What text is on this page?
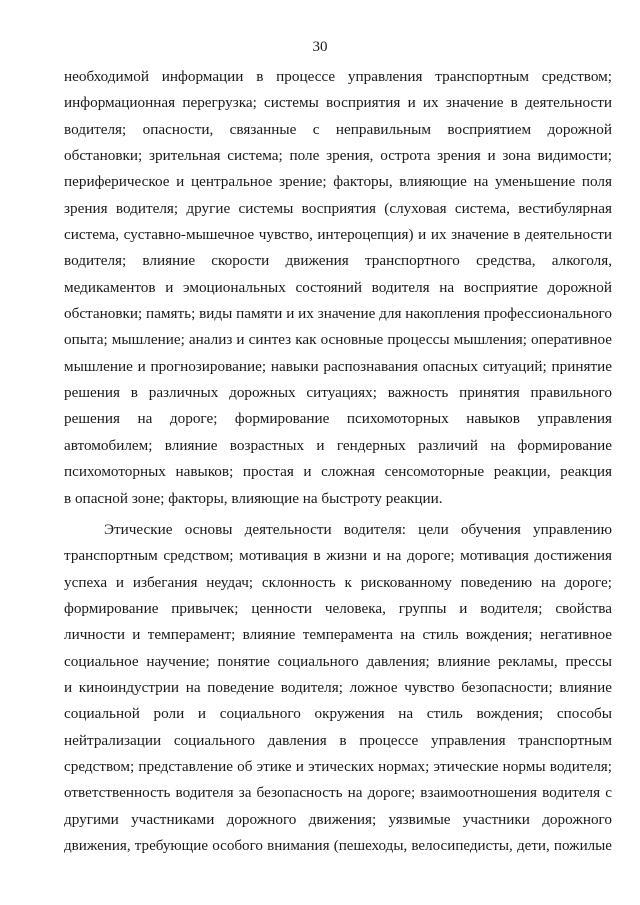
30
необходимой информации в процессе управления транспортным средством;
информационная перегрузка; системы восприятия и их значение в деятельности
водителя; опасности, связанные с неправильным восприятием дорожной
обстановки; зрительная система; поле зрения, острота зрения и зона видимости;
периферическое и центральное зрение; факторы, влияющие на уменьшение поля
зрения водителя; другие системы восприятия (слуховая система, вестибулярная
система, суставно-мышечное чувство, интероцепция) и их значение в деятельности
водителя; влияние скорости движения транспортного средства, алкоголя,
медикаментов и эмоциональных состояний водителя на восприятие дорожной
обстановки; память; виды памяти и их значение для накопления профессионального
опыта; мышление; анализ и синтез как основные процессы мышления; оперативное
мышление и прогнозирование; навыки распознавания опасных ситуаций; принятие
решения в различных дорожных ситуациях; важность принятия правильного
решения на дороге; формирование психомоторных навыков управления
автомобилем; влияние возрастных и гендерных различий на формирование
психомоторных навыков; простая и сложная сенсомоторные реакции, реакция
в опасной зоне; факторы, влияющие на быстроту реакции.
Этические основы деятельности водителя: цели обучения управлению
транспортным средством; мотивация в жизни и на дороге; мотивация достижения
успеха и избегания неудач; склонность к рискованному поведению на дороге;
формирование привычек; ценности человека, группы и водителя; свойства
личности и темперамент; влияние темперамента на стиль вождения; негативное
социальное научение; понятие социального давления; влияние рекламы, прессы
и киноиндустрии на поведение водителя; ложное чувство безопасности; влияние
социальной роли и социального окружения на стиль вождения; способы
нейтрализации социального давления в процессе управления транспортным
средством; представление об этике и этических нормах; этические нормы водителя;
ответственность водителя за безопасность на дороге; взаимоотношения водителя с
другими участниками дорожного движения; уязвимые участники дорожного
движения, требующие особого внимания (пешеходы, велосипедисты, дети, пожилые
